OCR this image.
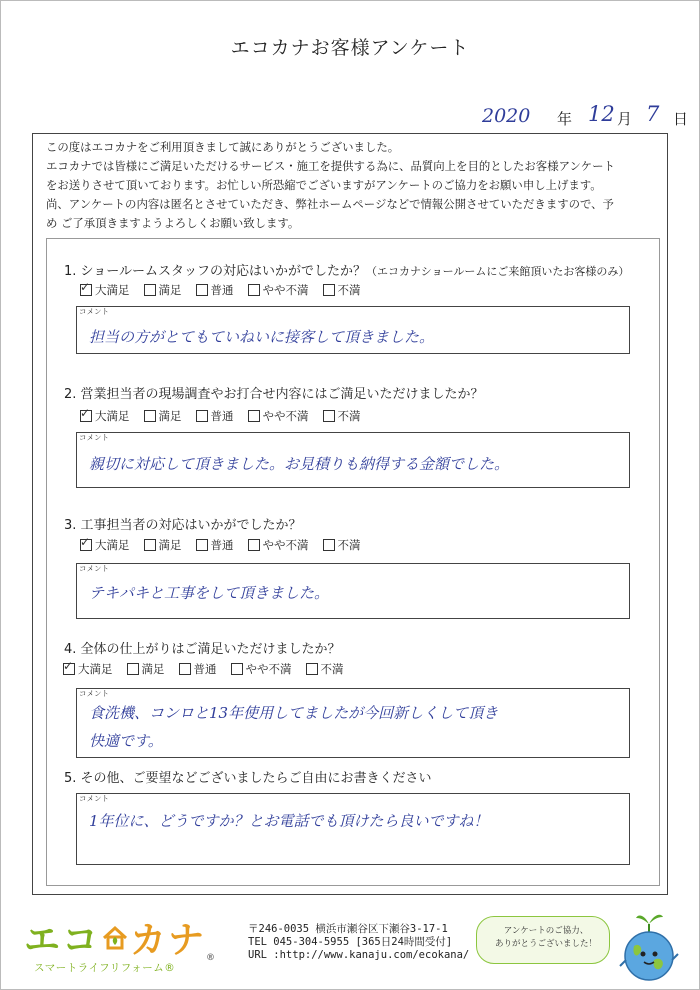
エコカナお客様アンケート
2020 年 12 月 7 日
この度はエコカナをご利用頂きまして誠にありがとうございました。
エコカナでは皆様にご満足いただけるサービス・施工を提供する為に、品質向上を目的としたお客様アンケート
をお送りさせて頂いております。お忙しい所恐縮でございますがアンケートのご協力をお願い申し上げます。
尚、アンケートの内容は匿名とさせていただき、弊社ホームページなどで情報公開させていただきますので、予
め ご了承頂きますようよろしくお願い致します。
1. ショールームスタッフの対応はいかがでしたか？（エコカナショールームにご来館頂いたお客様のみ）
✓
大満足	満足	普通	やや不満	不満
コメント
担当の方がとてもていねいに接客して頂きました。
2. 営業担当者の現場調査やお打合せ内容にはご満足いただけましたか？
✓
大満足	満足	普通	やや不満	不満
コメント
親切に対応して頂きました。お見積りも納得する金額でした。
3. 工事担当者の対応はいかがでしたか？
✓
大満足	満足	普通	やや不満	不満
コメント
テキパキと工事をして頂きました。
4. 全体の仕上がりはご満足いただけましたか？
✓
大満足	満足	普通	やや不満	不満
コメント
食洗機、コンロと13年使用してましたが今回新しくして頂き
快適です。
5. その他、ご要望などございましたらご自由にお書きください
コメント
1年位に、どうですか？とお電話でも頂けたら良いですね！
エコ カナ ®
スマートライフリフォーム®
〒246-0035 横浜市瀬谷区下瀬谷3-17-1
TEL 045-304-5955 [365日24時間受付]
URL :http://www.kanaju.com/ecokana/
アンケートのご協力、
ありがとうございました！
